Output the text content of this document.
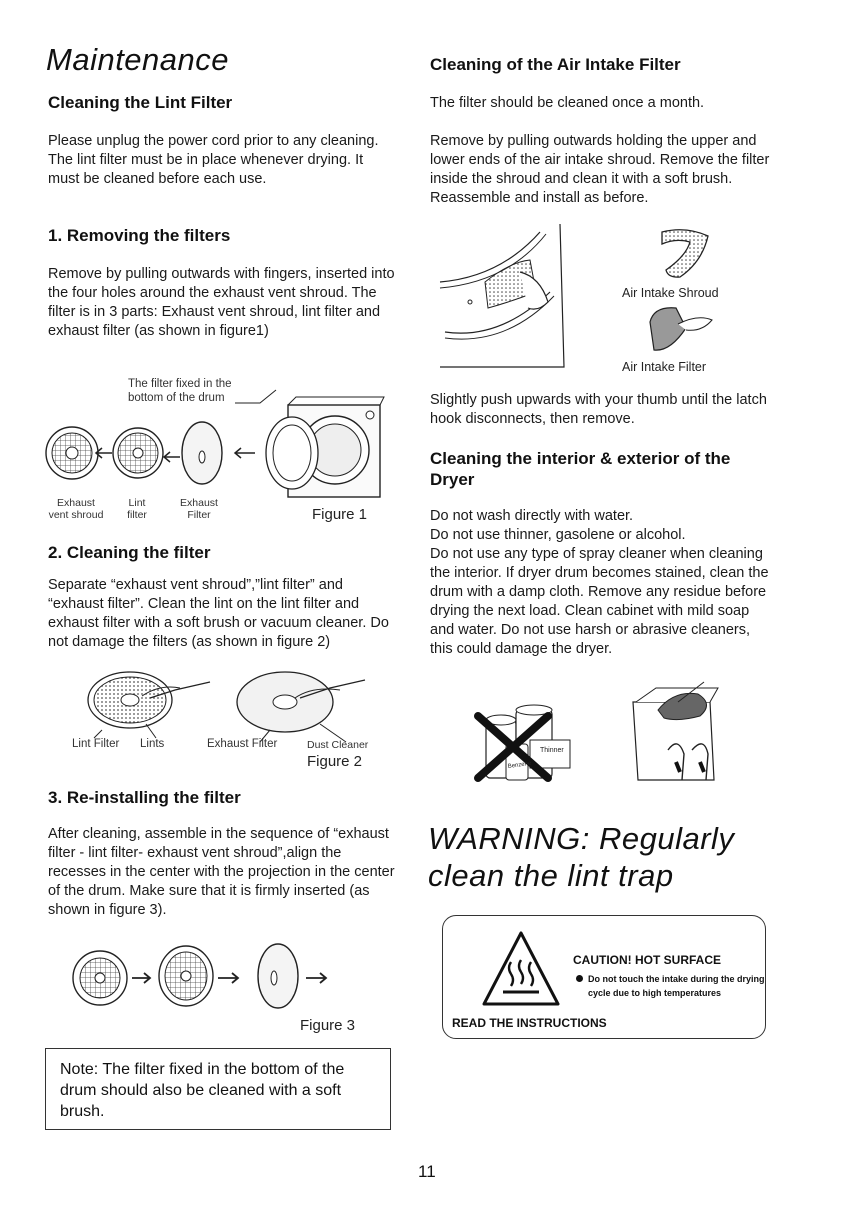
Maintenance
Cleaning the Lint Filter
Please unplug the power cord prior to any cleaning. The lint filter must be in place whenever drying. It must be cleaned before each use.
1. Removing the filters
Remove by pulling outwards with fingers, inserted into the four holes around the exhaust vent shroud. The filter is in 3 parts: Exhaust vent shroud, lint filter and exhaust filter (as shown in figure1)
The filter fixed in the
bottom of the drum
Exhaust
vent shroud
Lint
filter
Exhaust
Filter	Figure 1
2. Cleaning the filter
Separate “exhaust vent shroud”,”lint filter” and “exhaust filter”. Clean the lint on the lint filter and exhaust filter with a soft brush or vacuum cleaner. Do not damage the filters (as shown in figure 2)
Lint Filter Lints	Exhaust Filter	Dust Cleaner
Figure 2
3. Re-installing the filter
After cleaning, assemble in the sequence of “exhaust filter - lint filter- exhaust vent shroud”,align the recesses in the center with the projection in the center of the drum. Make sure that it is firmly inserted (as shown in figure 3).
Figure 3
Note: The filter fixed in the bottom of the drum should also be cleaned with a soft brush.
Cleaning of the Air Intake Filter
The filter should be cleaned once a month.
Remove by pulling outwards holding the upper and lower ends of the air intake shroud. Remove the filter inside the shroud and clean it with a soft brush. Reassemble and install as before.
Air Intake Shroud
Air Intake Filter
Slightly push upwards with your thumb until the latch hook disconnects, then remove.
Cleaning the interior & exterior of the Dryer
Do not wash directly with water.
Do not use thinner, gasolene or alcohol.
Do not use any type of spray cleaner when cleaning the interior. If dryer drum becomes stained, clean the drum with a damp cloth. Remove any residue before drying the next load. Clean cabinet with mild soap and water. Do not use harsh or abrasive cleaners, this could damage the dryer.
Thinner
Benzene
WARNING: Regularly
clean the lint trap
CAUTION! HOT SURFACE
Do not touch the intake during the drying cycle due to high temperatures
READ THE INSTRUCTIONS
11
